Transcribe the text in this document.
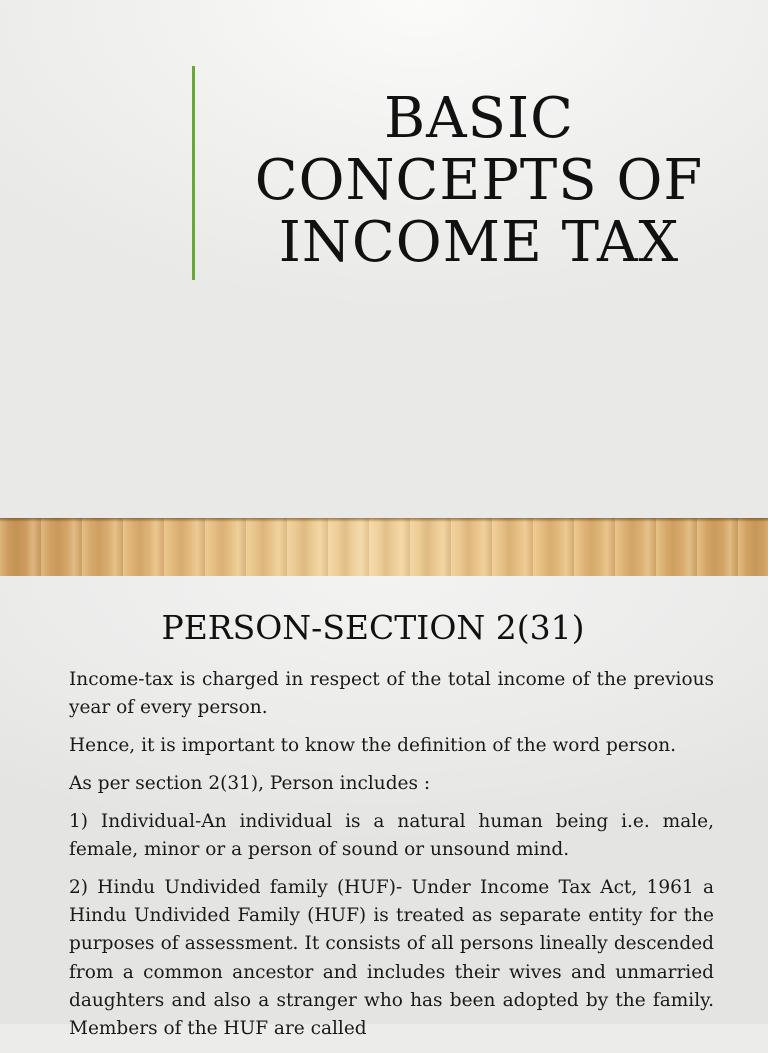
BASIC
CONCEPTS OF
INCOME TAX
PERSON-SECTION 2(31)

Income-tax is charged in respect of the total income of the previous year of every person.

Hence, it is important to know the definition of the word person.

As per section 2(31), Person includes :

1) Individual-An individual is a natural human being i.e. male, female, minor or a person of sound or unsound mind.

2) Hindu Undivided family (HUF)- Under Income Tax Act, 1961 a Hindu Undivided Family (HUF) is treated as separate entity for the purposes of assessment. It consists of all persons lineally descended from a common ancestor and includes their wives and unmarried daughters and also a stranger who has been adopted by the family. Members of the HUF are called
